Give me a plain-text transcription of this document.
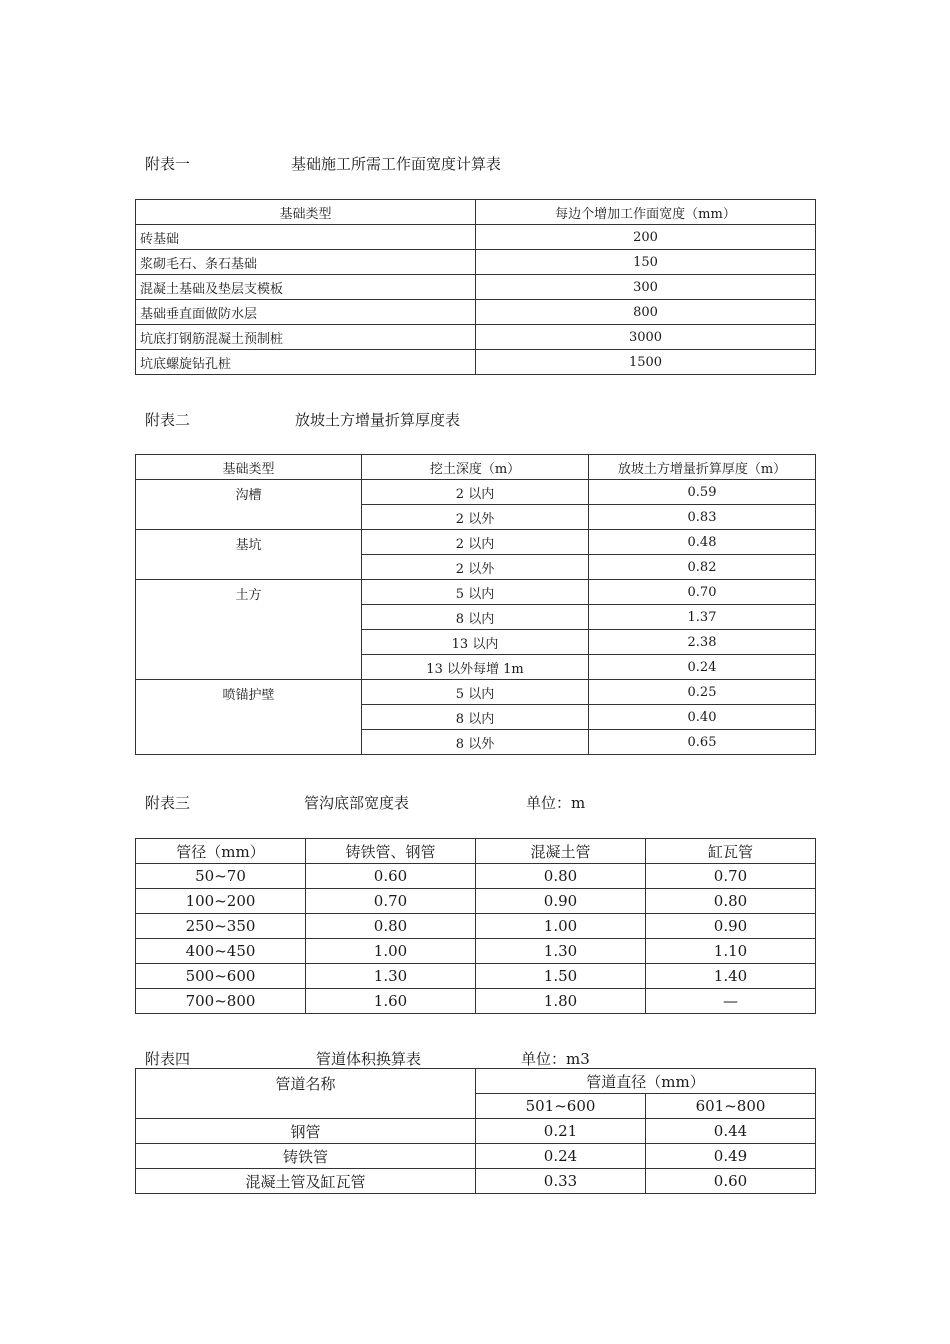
附表一	基础施工所需工作面宽度计算表
基础类型	每边个增加工作面宽度（mm）
砖基础	200
浆砌毛石、条石基础	150
混凝土基础及垫层支模板	300
基础垂直面做防水层	800
坑底打钢筋混凝土预制桩	3000
坑底螺旋钻孔桩	1500
附表二	放坡土方增量折算厚度表
基础类型	挖土深度（m）	放坡土方增量折算厚度（m）
沟槽	2 以内	0.59
	2 以外	0.83
基坑	2 以内	0.48
	2 以外	0.82
土方	5 以内	0.70
	8 以内	1.37
	13 以内	2.38
	13 以外每增 1m	0.24
喷锚护壁	5 以内	0.25
	8 以内	0.40
	8 以外	0.65
附表三	管沟底部宽度表	单位：m
管径（mm）	铸铁管、钢管	混凝土管	缸瓦管
50~70	0.60	0.80	0.70
100~200	0.70	0.90	0.80
250~350	0.80	1.00	0.90
400~450	1.00	1.30	1.10
500~600	1.30	1.50	1.40
700~800	1.60	1.80	—
附表四	管道体积换算表	单位：m3
管道名称	管道直径（mm）	
	501~600	601~800
钢管	0.21	0.44
铸铁管	0.24	0.49
混凝土管及缸瓦管	0.33	0.60
